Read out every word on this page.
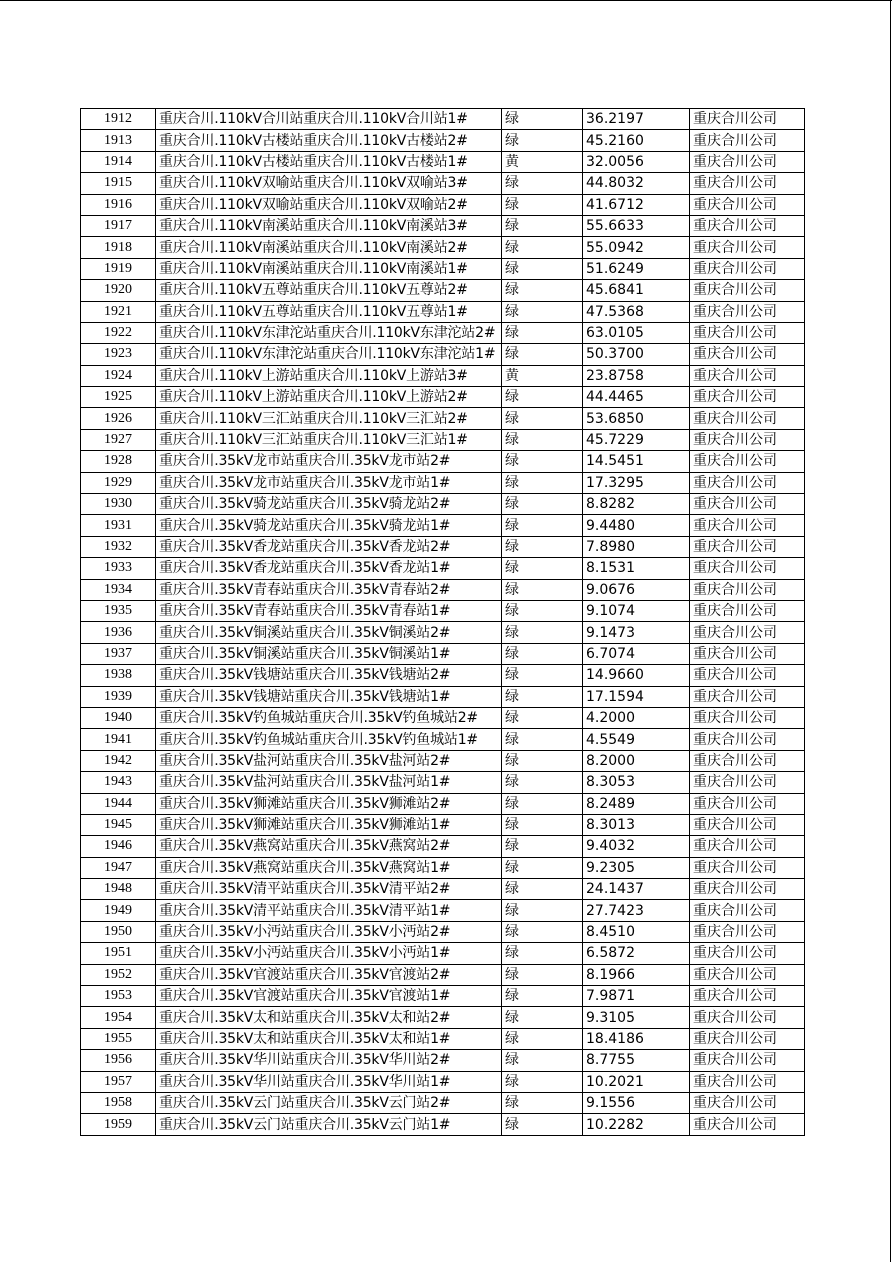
1912	重庆合川.110kV合川站重庆合川.110kV合川站1#	绿	36.2197	重庆合川公司
1913	重庆合川.110kV古楼站重庆合川.110kV古楼站2#	绿	45.2160	重庆合川公司
1914	重庆合川.110kV古楼站重庆合川.110kV古楼站1#	黄	32.0056	重庆合川公司
1915	重庆合川.110kV双喻站重庆合川.110kV双喻站3#	绿	44.8032	重庆合川公司
1916	重庆合川.110kV双喻站重庆合川.110kV双喻站2#	绿	41.6712	重庆合川公司
1917	重庆合川.110kV南溪站重庆合川.110kV南溪站3#	绿	55.6633	重庆合川公司
1918	重庆合川.110kV南溪站重庆合川.110kV南溪站2#	绿	55.0942	重庆合川公司
1919	重庆合川.110kV南溪站重庆合川.110kV南溪站1#	绿	51.6249	重庆合川公司
1920	重庆合川.110kV五尊站重庆合川.110kV五尊站2#	绿	45.6841	重庆合川公司
1921	重庆合川.110kV五尊站重庆合川.110kV五尊站1#	绿	47.5368	重庆合川公司
1922	重庆合川.110kV东津沱站重庆合川.110kV东津沱站2#	绿	63.0105	重庆合川公司
1923	重庆合川.110kV东津沱站重庆合川.110kV东津沱站1#	绿	50.3700	重庆合川公司
1924	重庆合川.110kV上游站重庆合川.110kV上游站3#	黄	23.8758	重庆合川公司
1925	重庆合川.110kV上游站重庆合川.110kV上游站2#	绿	44.4465	重庆合川公司
1926	重庆合川.110kV三汇站重庆合川.110kV三汇站2#	绿	53.6850	重庆合川公司
1927	重庆合川.110kV三汇站重庆合川.110kV三汇站1#	绿	45.7229	重庆合川公司
1928	重庆合川.35kV龙市站重庆合川.35kV龙市站2#	绿	14.5451	重庆合川公司
1929	重庆合川.35kV龙市站重庆合川.35kV龙市站1#	绿	17.3295	重庆合川公司
1930	重庆合川.35kV骑龙站重庆合川.35kV骑龙站2#	绿	8.8282	重庆合川公司
1931	重庆合川.35kV骑龙站重庆合川.35kV骑龙站1#	绿	9.4480	重庆合川公司
1932	重庆合川.35kV香龙站重庆合川.35kV香龙站2#	绿	7.8980	重庆合川公司
1933	重庆合川.35kV香龙站重庆合川.35kV香龙站1#	绿	8.1531	重庆合川公司
1934	重庆合川.35kV青春站重庆合川.35kV青春站2#	绿	9.0676	重庆合川公司
1935	重庆合川.35kV青春站重庆合川.35kV青春站1#	绿	9.1074	重庆合川公司
1936	重庆合川.35kV铜溪站重庆合川.35kV铜溪站2#	绿	9.1473	重庆合川公司
1937	重庆合川.35kV铜溪站重庆合川.35kV铜溪站1#	绿	6.7074	重庆合川公司
1938	重庆合川.35kV钱塘站重庆合川.35kV钱塘站2#	绿	14.9660	重庆合川公司
1939	重庆合川.35kV钱塘站重庆合川.35kV钱塘站1#	绿	17.1594	重庆合川公司
1940	重庆合川.35kV钓鱼城站重庆合川.35kV钓鱼城站2#	绿	4.2000	重庆合川公司
1941	重庆合川.35kV钓鱼城站重庆合川.35kV钓鱼城站1#	绿	4.5549	重庆合川公司
1942	重庆合川.35kV盐河站重庆合川.35kV盐河站2#	绿	8.2000	重庆合川公司
1943	重庆合川.35kV盐河站重庆合川.35kV盐河站1#	绿	8.3053	重庆合川公司
1944	重庆合川.35kV狮滩站重庆合川.35kV狮滩站2#	绿	8.2489	重庆合川公司
1945	重庆合川.35kV狮滩站重庆合川.35kV狮滩站1#	绿	8.3013	重庆合川公司
1946	重庆合川.35kV燕窝站重庆合川.35kV燕窝站2#	绿	9.4032	重庆合川公司
1947	重庆合川.35kV燕窝站重庆合川.35kV燕窝站1#	绿	9.2305	重庆合川公司
1948	重庆合川.35kV清平站重庆合川.35kV清平站2#	绿	24.1437	重庆合川公司
1949	重庆合川.35kV清平站重庆合川.35kV清平站1#	绿	27.7423	重庆合川公司
1950	重庆合川.35kV小沔站重庆合川.35kV小沔站2#	绿	8.4510	重庆合川公司
1951	重庆合川.35kV小沔站重庆合川.35kV小沔站1#	绿	6.5872	重庆合川公司
1952	重庆合川.35kV官渡站重庆合川.35kV官渡站2#	绿	8.1966	重庆合川公司
1953	重庆合川.35kV官渡站重庆合川.35kV官渡站1#	绿	7.9871	重庆合川公司
1954	重庆合川.35kV太和站重庆合川.35kV太和站2#	绿	9.3105	重庆合川公司
1955	重庆合川.35kV太和站重庆合川.35kV太和站1#	绿	18.4186	重庆合川公司
1956	重庆合川.35kV华川站重庆合川.35kV华川站2#	绿	8.7755	重庆合川公司
1957	重庆合川.35kV华川站重庆合川.35kV华川站1#	绿	10.2021	重庆合川公司
1958	重庆合川.35kV云门站重庆合川.35kV云门站2#	绿	9.1556	重庆合川公司
1959	重庆合川.35kV云门站重庆合川.35kV云门站1#	绿	10.2282	重庆合川公司
